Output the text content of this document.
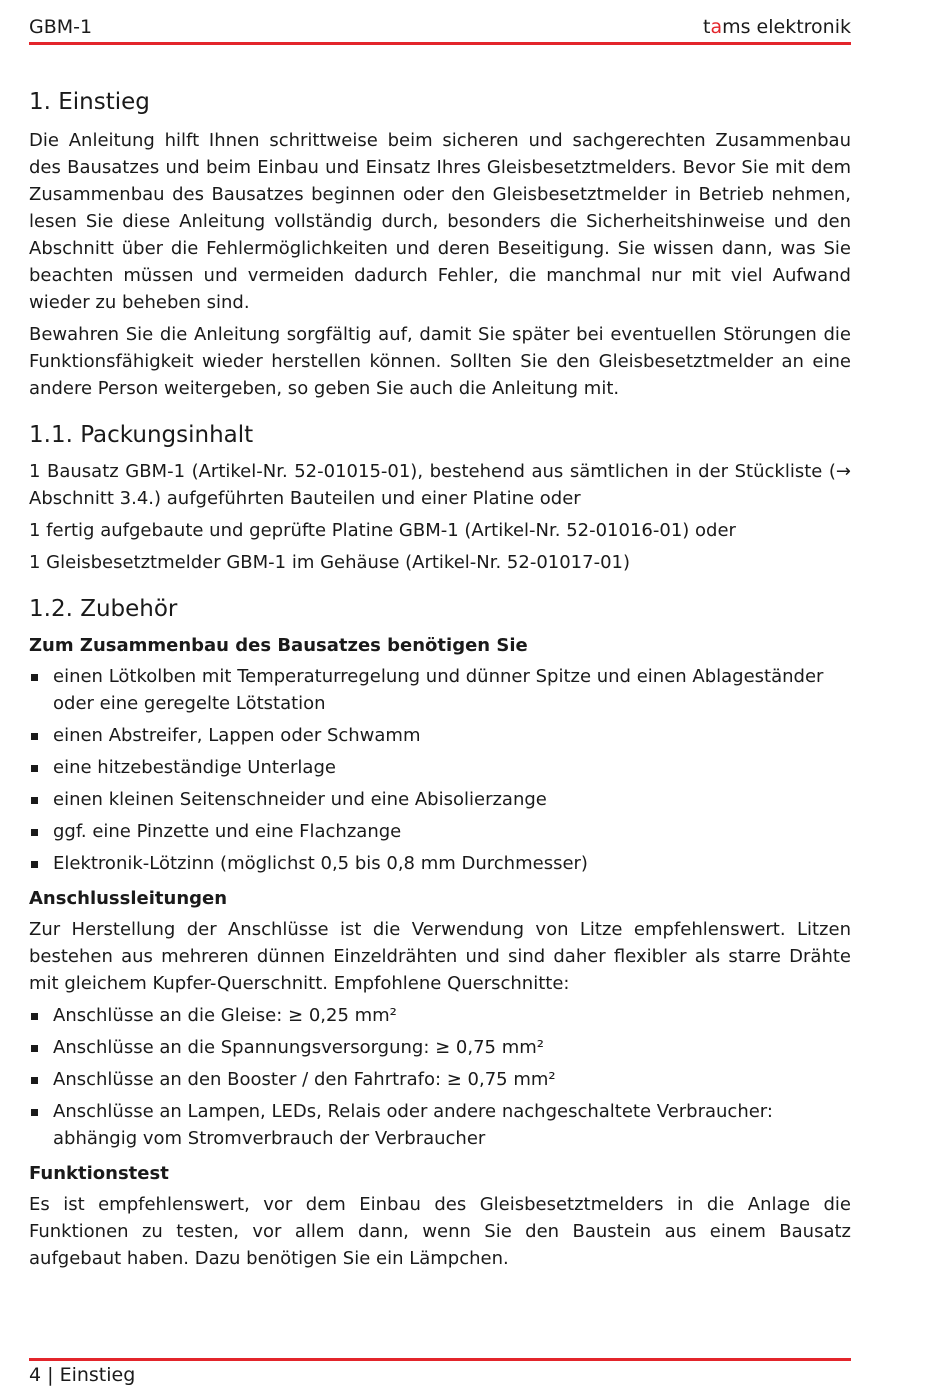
GBM-1	tams elektronik
1. Einstieg

Die Anleitung hilft Ihnen schrittweise beim sicheren und sachgerechten Zusammenbau des Bausatzes und beim Einbau und Einsatz Ihres Gleisbesetztmelders. Bevor Sie mit dem Zusammenbau des Bausatzes beginnen oder den Gleisbesetztmelder in Betrieb nehmen, lesen Sie diese Anleitung vollständig durch, besonders die Sicherheitshinweise und den Abschnitt über die Fehlermöglichkeiten und deren Beseitigung. Sie wissen dann, was Sie beachten müssen und vermeiden dadurch Fehler, die manchmal nur mit viel Aufwand wieder zu beheben sind.

Bewahren Sie die Anleitung sorgfältig auf, damit Sie später bei eventuellen Störungen die Funktionsfähigkeit wieder herstellen können. Sollten Sie den Gleisbesetztmelder an eine andere Person weitergeben, so geben Sie auch die Anleitung mit.

1.1. Packungsinhalt

1 Bausatz GBM-1 (Artikel-Nr. 52-01015-01), bestehend aus sämtlichen in der Stückliste (→ Abschnitt 3.4.) aufgeführten Bauteilen und einer Platine oder

1 fertig aufgebaute und geprüfte Platine GBM-1 (Artikel-Nr. 52-01016-01) oder

1 Gleisbesetztmelder GBM-1 im Gehäuse (Artikel-Nr. 52-01017-01)

1.2. Zubehör
Zum Zusammenbau des Bausatzes benötigen Sie
einen Lötkolben mit Temperaturregelung und dünner Spitze und einen Ablageständer oder eine geregelte Lötstation
einen Abstreifer, Lappen oder Schwamm
eine hitzebeständige Unterlage
einen kleinen Seitenschneider und eine Abisolierzange
ggf. eine Pinzette und eine Flachzange
Elektronik-Lötzinn (möglichst 0,5 bis 0,8 mm Durchmesser)
Anschlussleitungen

Zur Herstellung der Anschlüsse ist die Verwendung von Litze empfehlenswert. Litzen bestehen aus mehreren dünnen Einzeldrähten und sind daher flexibler als starre Drähte mit gleichem Kupfer-Querschnitt. Empfohlene Querschnitte:

Anschlüsse an die Gleise: ≥ 0,25 mm²
Anschlüsse an die Spannungsversorgung: ≥ 0,75 mm²
Anschlüsse an den Booster / den Fahrtrafo: ≥ 0,75 mm²
Anschlüsse an Lampen, LEDs, Relais oder andere nachgeschaltete Verbraucher: abhängig vom Stromverbrauch der Verbraucher
Funktionstest

Es ist empfehlenswert, vor dem Einbau des Gleisbesetztmelders in die Anlage die Funktionen zu testen, vor allem dann, wenn Sie den Baustein aus einem Bausatz aufgebaut haben. Dazu benötigen Sie ein Lämpchen.

4 | Einstieg
